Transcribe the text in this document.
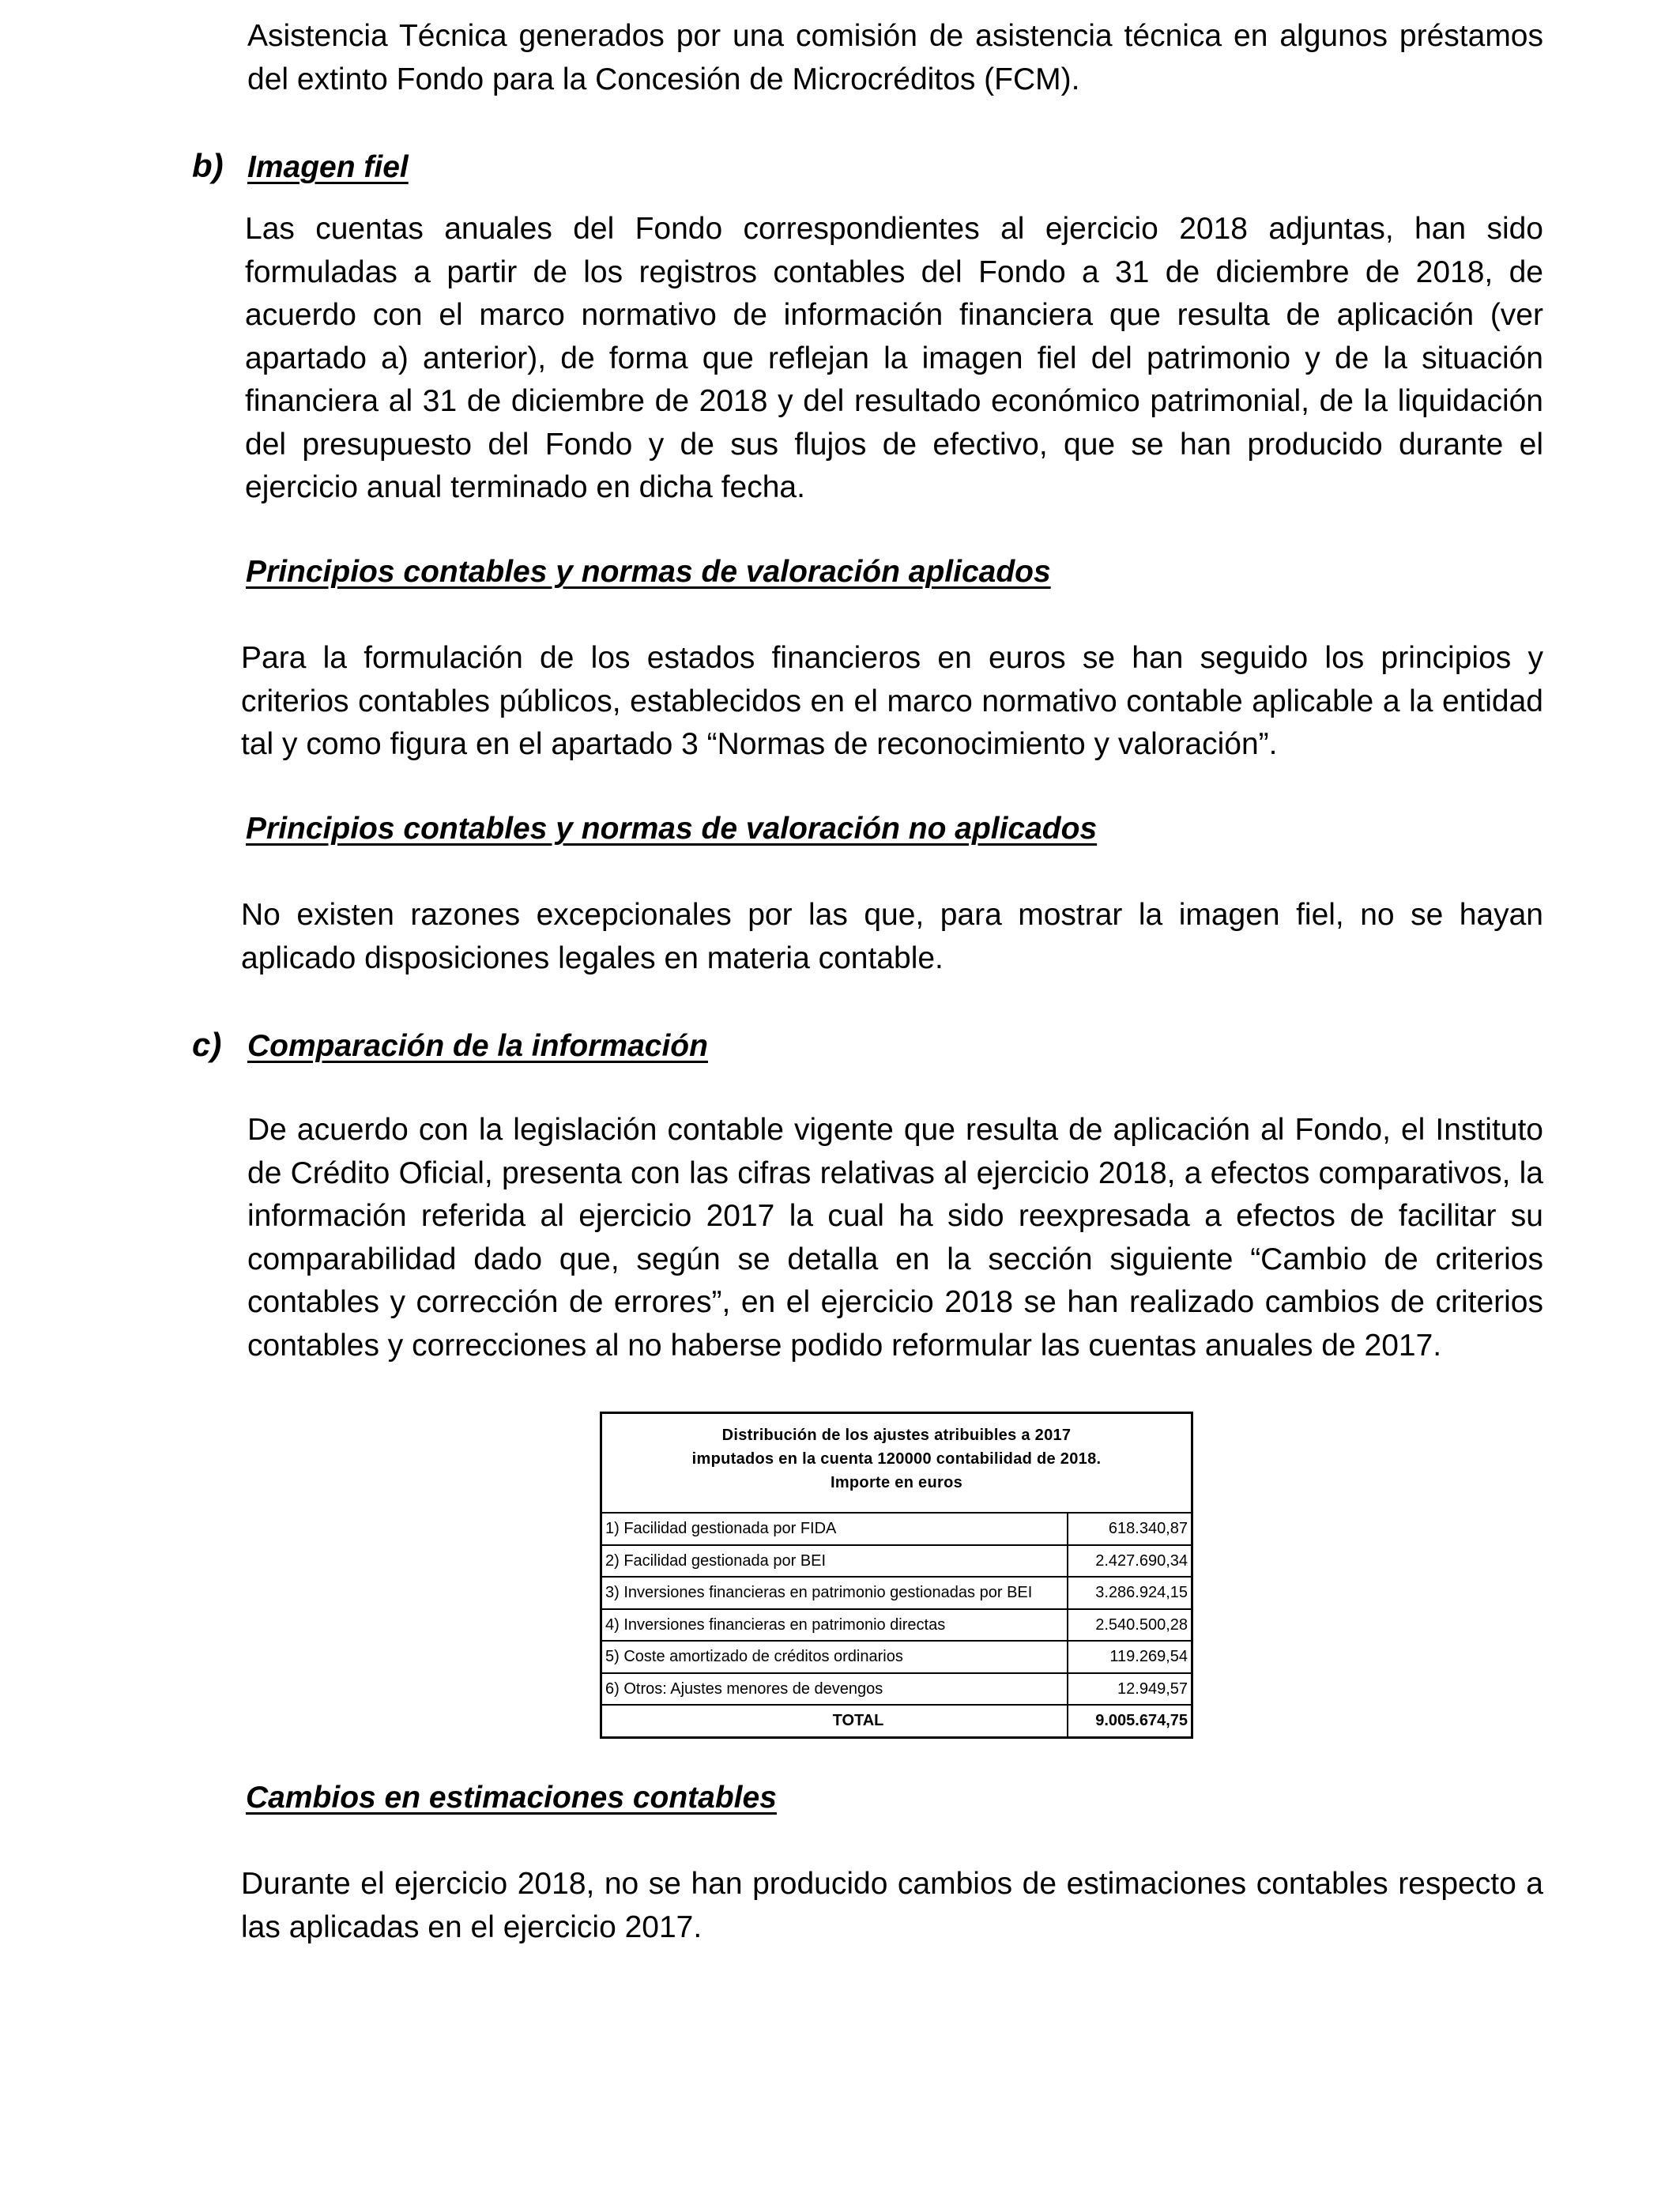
Asistencia Técnica generados por una comisión de asistencia técnica en algunos préstamos del extinto Fondo para la Concesión de Microcréditos (FCM).

b) Imagen fiel

Las cuentas anuales del Fondo correspondientes al ejercicio 2018 adjuntas, han sido formuladas a partir de los registros contables del Fondo a 31 de diciembre de 2018, de acuerdo con el marco normativo de información financiera que resulta de aplicación (ver apartado a) anterior), de forma que reflejan la imagen fiel del patrimonio y de la situación financiera al 31 de diciembre de 2018 y del resultado económico patrimonial, de la liquidación del presupuesto del Fondo y de sus flujos de efectivo, que se han producido durante el ejercicio anual terminado en dicha fecha.

Principios contables y normas de valoración aplicados

Para la formulación de los estados financieros en euros se han seguido los principios y criterios contables públicos, establecidos en el marco normativo contable aplicable a la entidad tal y como figura en el apartado 3 “Normas de reconocimiento y valoración”.

Principios contables y normas de valoración no aplicados

No existen razones excepcionales por las que, para mostrar la imagen fiel, no se hayan aplicado disposiciones legales en materia contable.

c) Comparación de la información

De acuerdo con la legislación contable vigente que resulta de aplicación al Fondo, el Instituto de Crédito Oficial, presenta con las cifras relativas al ejercicio 2018, a efectos comparativos, la información referida al ejercicio 2017 la cual ha sido reexpresada a efectos de facilitar su comparabilidad dado que, según se detalla en la sección siguiente “Cambio de criterios contables y corrección de errores”, en el ejercicio 2018 se han realizado cambios de criterios contables y correcciones al no haberse podido reformular las cuentas anuales de 2017.

Distribución de los ajustes atribuibles a 2017
imputados en la cuenta 120000 contabilidad de 2018.
Importe en euros
1) Facilidad gestionada por FIDA	618.340,87
2) Facilidad gestionada por BEI	2.427.690,34
3) Inversiones financieras en patrimonio gestionadas por BEI	3.286.924,15
4) Inversiones financieras en patrimonio directas	2.540.500,28
5) Coste amortizado de créditos ordinarios	119.269,54
6) Otros: Ajustes menores de devengos	12.949,57
TOTAL	9.005.674,75
Cambios en estimaciones contables

Durante el ejercicio 2018, no se han producido cambios de estimaciones contables respecto a las aplicadas en el ejercicio 2017.
